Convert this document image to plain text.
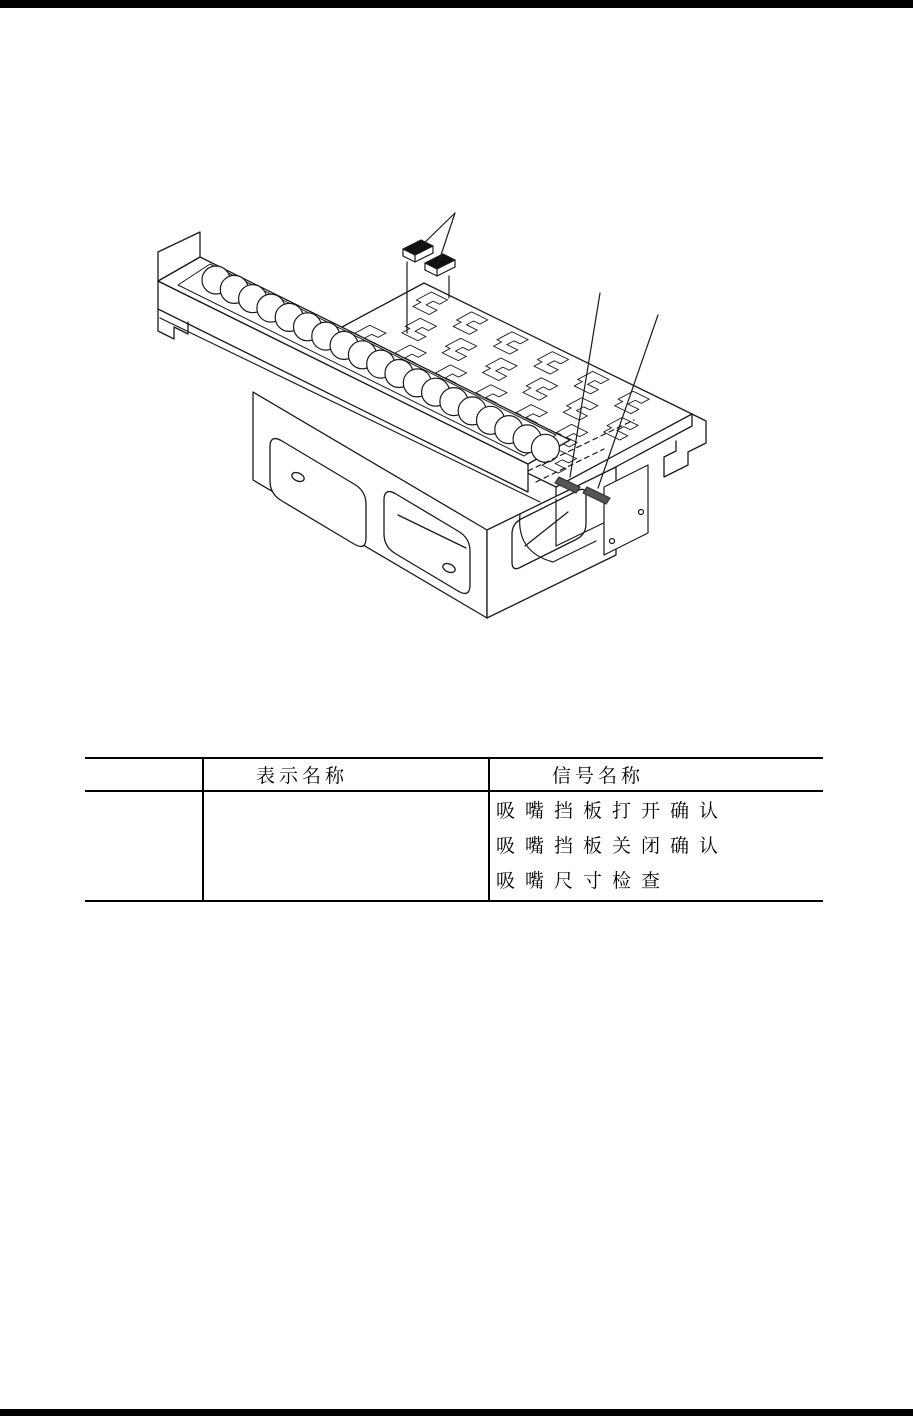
表示名称	信号名称
吸嘴挡板打开确认
吸嘴挡板关闭确认
吸嘴尺寸检查
